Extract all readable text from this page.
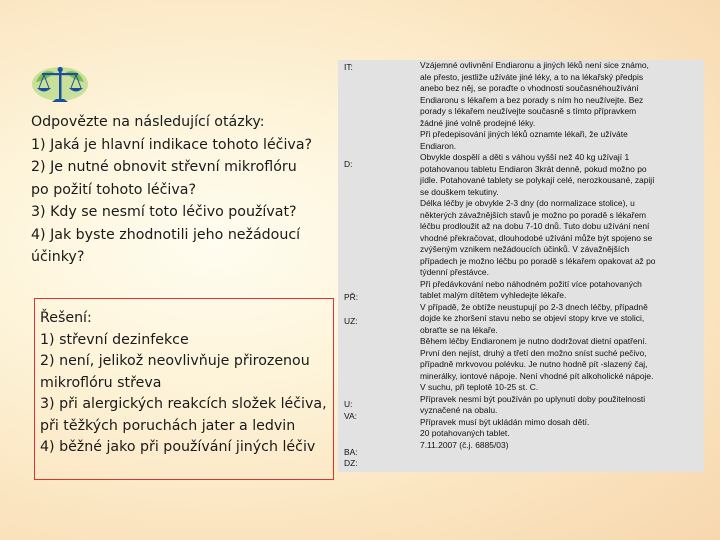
Odpovězte na následující otázky:
1) Jaká je hlavní indikace tohoto léčiva?
2) Je nutné obnovit střevní mikroflóru
po požití tohoto léčiva?
3) Kdy se nesmí toto léčivo používat?
4) Jak byste zhodnotili jeho nežádoucí
účinky?
Řešení:
1) střevní dezinfekce
2) není, jelikož neovlivňuje přirozenou
mikroflóru střeva
3) při alergických reakcích složek léčiva,
při těžkých poruchách jater a ledvin
4) běžné jako při používání jiných léčiv
IT:
D:
PŘ:
UZ:
U:
VA:
BA:
DZ:
Vzájemné ovlivnění Endiaronu a jiných léků není sice známo,
ale přesto, jestliže užíváte jiné léky, a to na lékařský předpis
anebo bez něj, se poraďte o vhodnosti současnéhoužívání
Endiaronu s lékařem a bez porady s ním ho neužívejte. Bez
porady s lékařem neužívejte současně s tímto přípravkem
žádné jiné volně prodejné léky.
Při předepisování jiných léků oznamte lékaři, že užíváte
Endiaron.
Obvykle dospělí a děti s váhou vyšší než 40 kg užívají 1
potahovanou tabletu Endiaron 3krát denně, pokud možno po
jídle. Potahované tablety se polykají celé, nerozkousané, zapijí
se douškem tekutiny.
Délka léčby je obvykle 2-3 dny (do normalizace stolice), u
některých závažnějších stavů je možno po poradě s lékařem
léčbu prodloužit až na dobu 7-10 dnů. Tuto dobu užívání není
vhodné překračovat, dlouhodobé užívání může být spojeno se
zvýšeným vznikem nežádoucích účinků. V závažnějších
případech je možno léčbu po poradě s lékařem opakovat až po
týdenní přestávce.
Při předávkování nebo náhodném požití více potahovaných
tablet malým dítětem vyhledejte lékaře.
V případě, že obtíže neustupují po 2-3 dnech léčby, případně
dojde ke zhoršení stavu nebo se objeví stopy krve ve stolici,
obraťte se na lékaře.
Během léčby Endiaronem je nutno dodržovat dietní opatření.
První den nejíst, druhý a třetí den možno sníst suché pečivo,
případně mrkvovou polévku. Je nutno hodně pít -slazený čaj,
minerálky, iontové nápoje. Není vhodné pít alkoholické nápoje.
V suchu, při teplotě 10-25 st. C.
Přípravek nesmí být používán po uplynutí doby použitelnosti
vyznačené na obalu.
Přípravek musí být ukládán mimo dosah dětí.
20 potahovaných tablet.
7.11.2007 (č.j. 6885/03)
